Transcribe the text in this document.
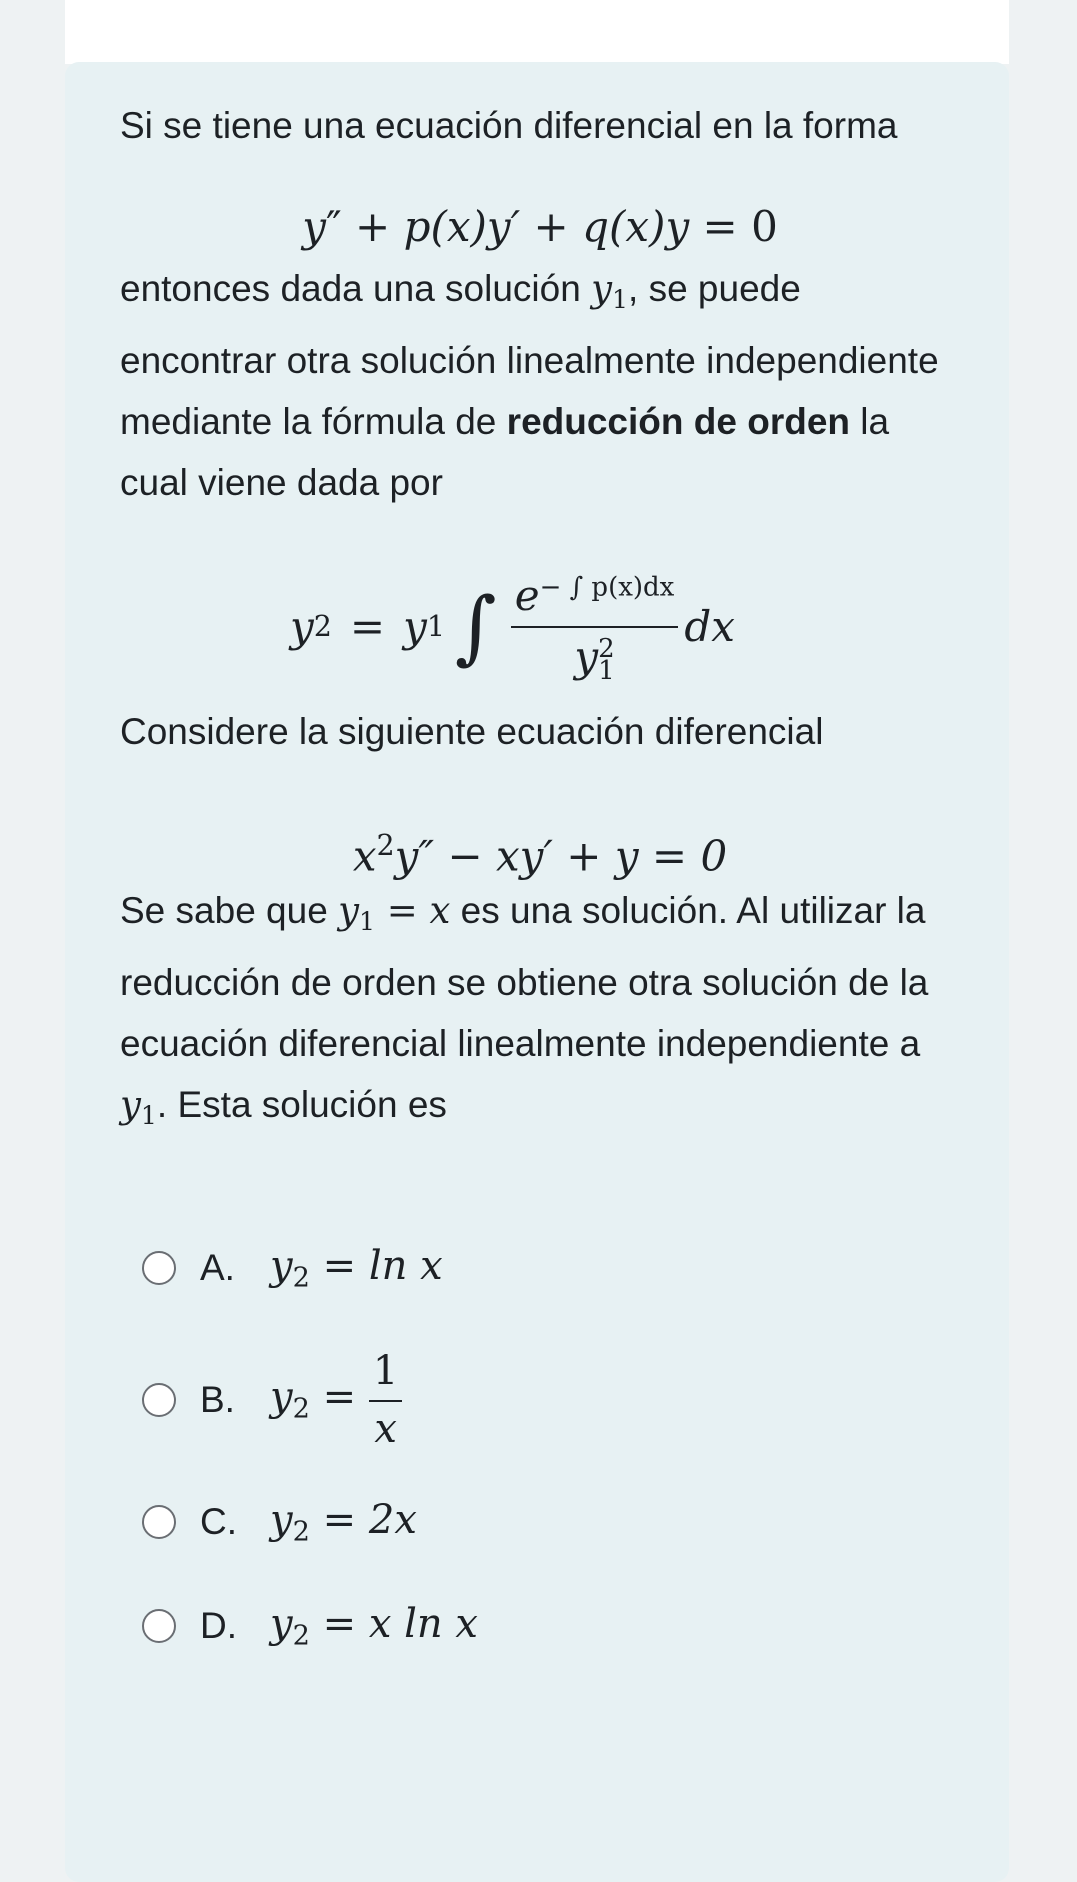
Si se tiene una ecuación diferencial en la forma

y″ + p(x)y′ + q(x)y = 0

entonces dada una solución $y_1$, se puede encontrar otra solución linealmente independiente mediante la fórmula de reducción de orden la cual viene dada por

y 2 = y 1 ∫ $e^{- \int p(x)dx}$
y 2
1 dx

Considere la siguiente ecuación diferencial

$x^2y'' - xy' + y = 0$

Se sabe que $y_1 = x$ es una solución. Al utilizar la reducción de orden se obtiene otra solución de la ecuación diferencial linealmente independiente a $y_1$. Esta solución es

A. $y_2 = \ln x$
B. $y_2 = \frac{1}{x}$
C. $y_2 = 2x$
D. $y_2 = x$ ln x
